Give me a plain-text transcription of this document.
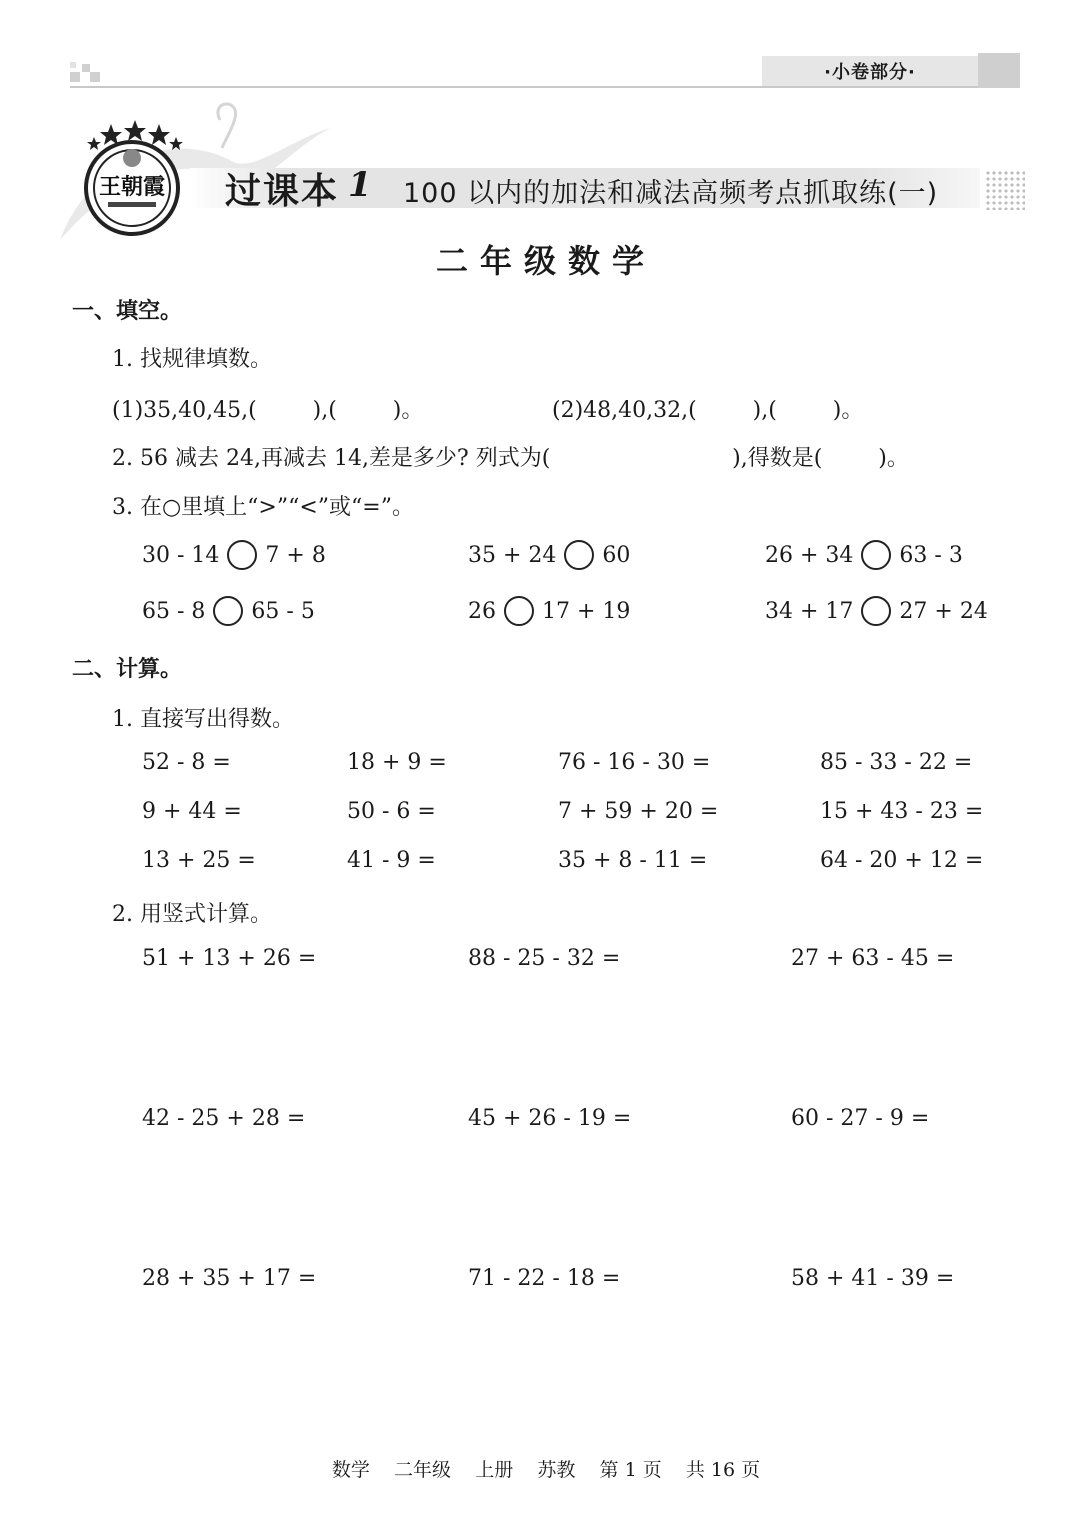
·小卷部分·
王朝霞 过课本 1 100 以内的加法和减法高频考点抓取练(一)
二年级数学
一、填空。
1. 找规律填数。
(1)35,40,45,(        ),(        )。	(2)48,40,32,(        ),(        )。
2. 56 减去 24,再减去 14,差是多少? 列式为(                          ),得数是(        )。
3. 在○里填上“>”“<”或“=”。
30 - 14 7 + 8	35 + 24 60	26 + 34 63 - 3
65 - 8 65 - 5	26 17 + 19	34 + 17 27 + 24
二、计算。
1. 直接写出得数。
52 - 8 =	18 + 9 =	76 - 16 - 30 =	85 - 33 - 22 =
9 + 44 =	50 - 6 =	7 + 59 + 20 =	15 + 43 - 23 =
13 + 25 =	41 - 9 =	35 + 8 - 11 =	64 - 20 + 12 =
2. 用竖式计算。
51 + 13 + 26 =	88 - 25 - 32 =	27 + 63 - 45 =
42 - 25 + 28 =	45 + 26 - 19 =	60 - 27 - 9 =
28 + 35 + 17 =	71 - 22 - 18 =	58 + 41 - 39 =
数学    二年级    上册    苏教    第 1 页    共 16 页
